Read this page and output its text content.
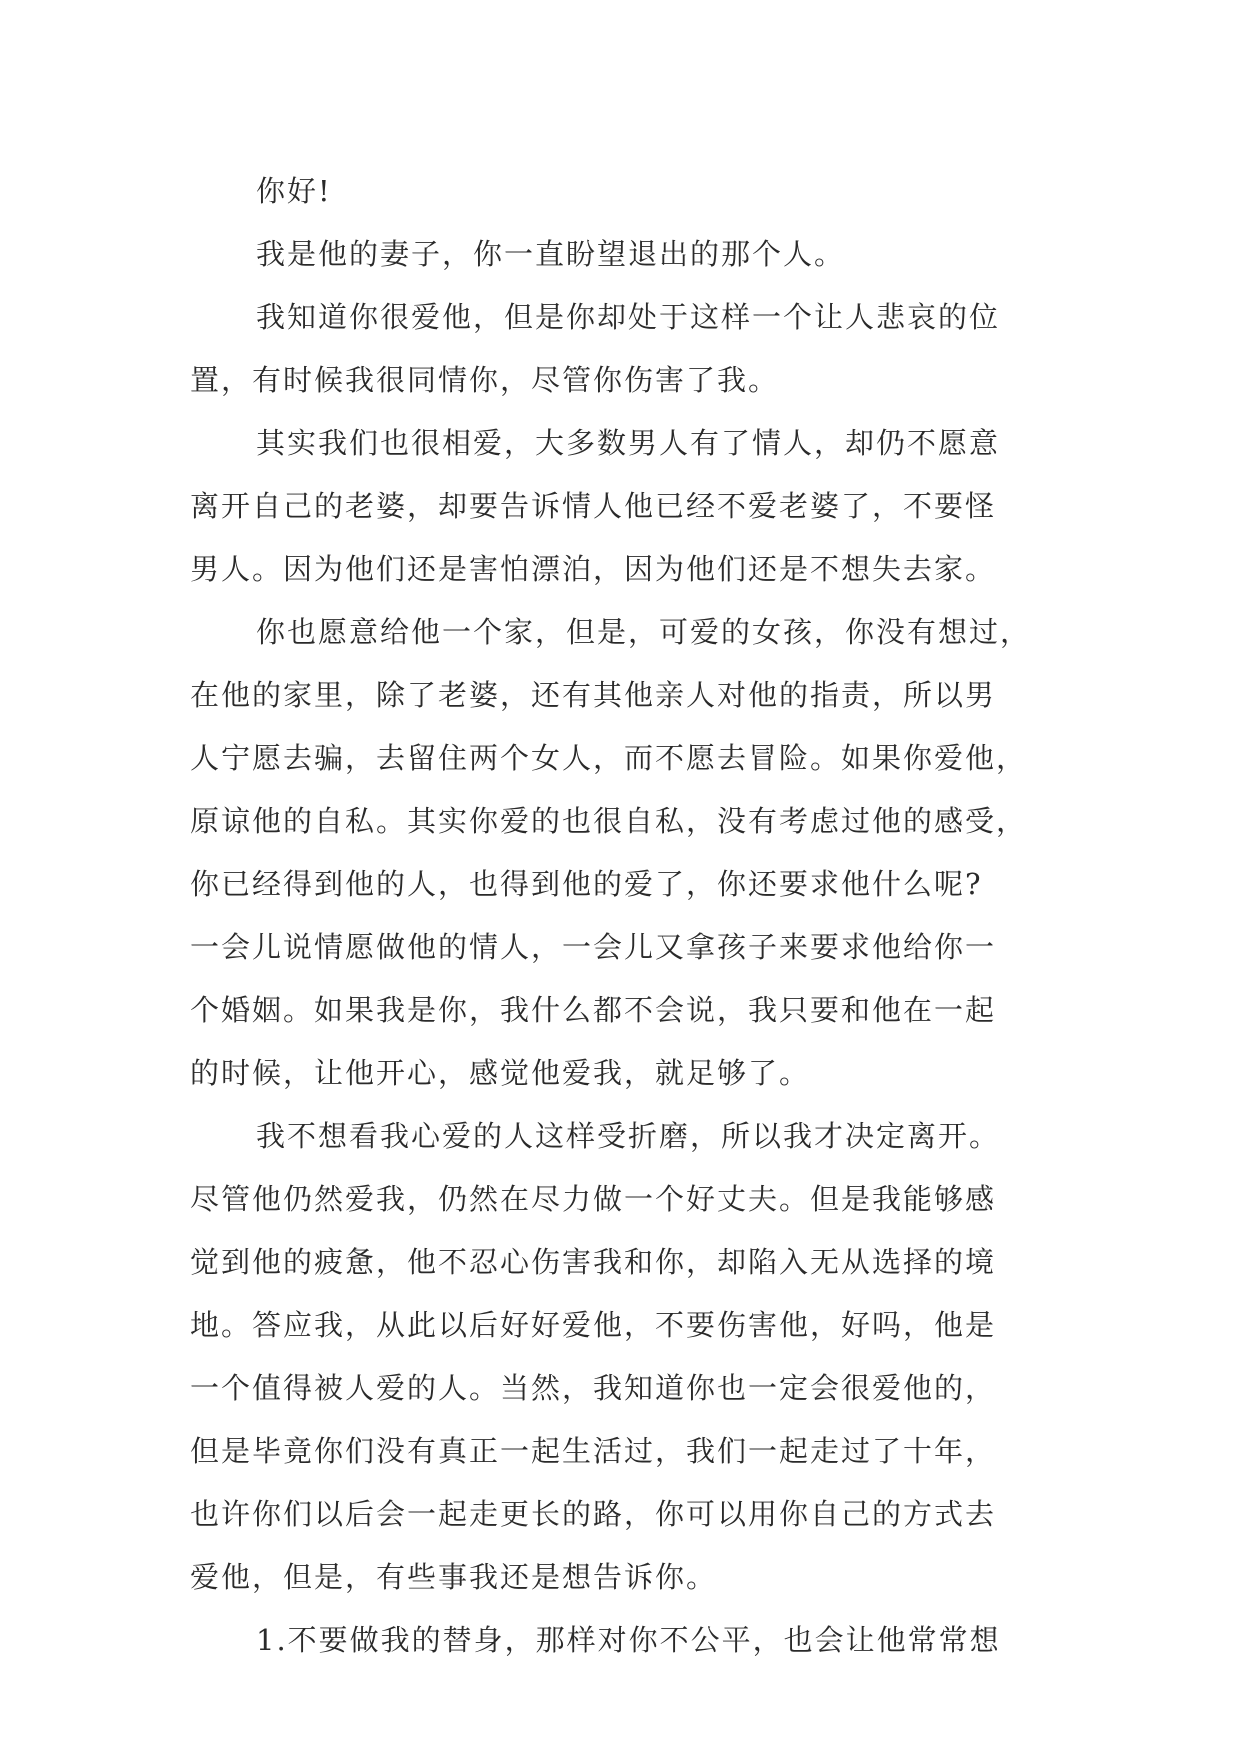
你好!
我是他的妻子，你一直盼望退出的那个人。
我知道你很爱他，但是你却处于这样一个让人悲哀的位
置，有时候我很同情你，尽管你伤害了我。
其实我们也很相爱，大多数男人有了情人，却仍不愿意
离开自己的老婆，却要告诉情人他已经不爱老婆了，不要怪
男人。因为他们还是害怕漂泊，因为他们还是不想失去家。
你也愿意给他一个家，但是，可爱的女孩，你没有想过，
在他的家里，除了老婆，还有其他亲人对他的指责，所以男
人宁愿去骗，去留住两个女人，而不愿去冒险。如果你爱他，
原谅他的自私。其实你爱的也很自私，没有考虑过他的感受，
你已经得到他的人，也得到他的爱了，你还要求他什么呢?
一会儿说情愿做他的情人，一会儿又拿孩子来要求他给你一
个婚姻。如果我是你，我什么都不会说，我只要和他在一起
的时候，让他开心，感觉他爱我，就足够了。
我不想看我心爱的人这样受折磨，所以我才决定离开。
尽管他仍然爱我，仍然在尽力做一个好丈夫。但是我能够感
觉到他的疲惫，他不忍心伤害我和你，却陷入无从选择的境
地。答应我，从此以后好好爱他，不要伤害他，好吗，他是
一个值得被人爱的人。当然，我知道你也一定会很爱他的，
但是毕竟你们没有真正一起生活过，我们一起走过了十年，
也许你们以后会一起走更长的路，你可以用你自己的方式去
爱他，但是，有些事我还是想告诉你。
1.不要做我的替身，那样对你不公平，也会让他常常想
